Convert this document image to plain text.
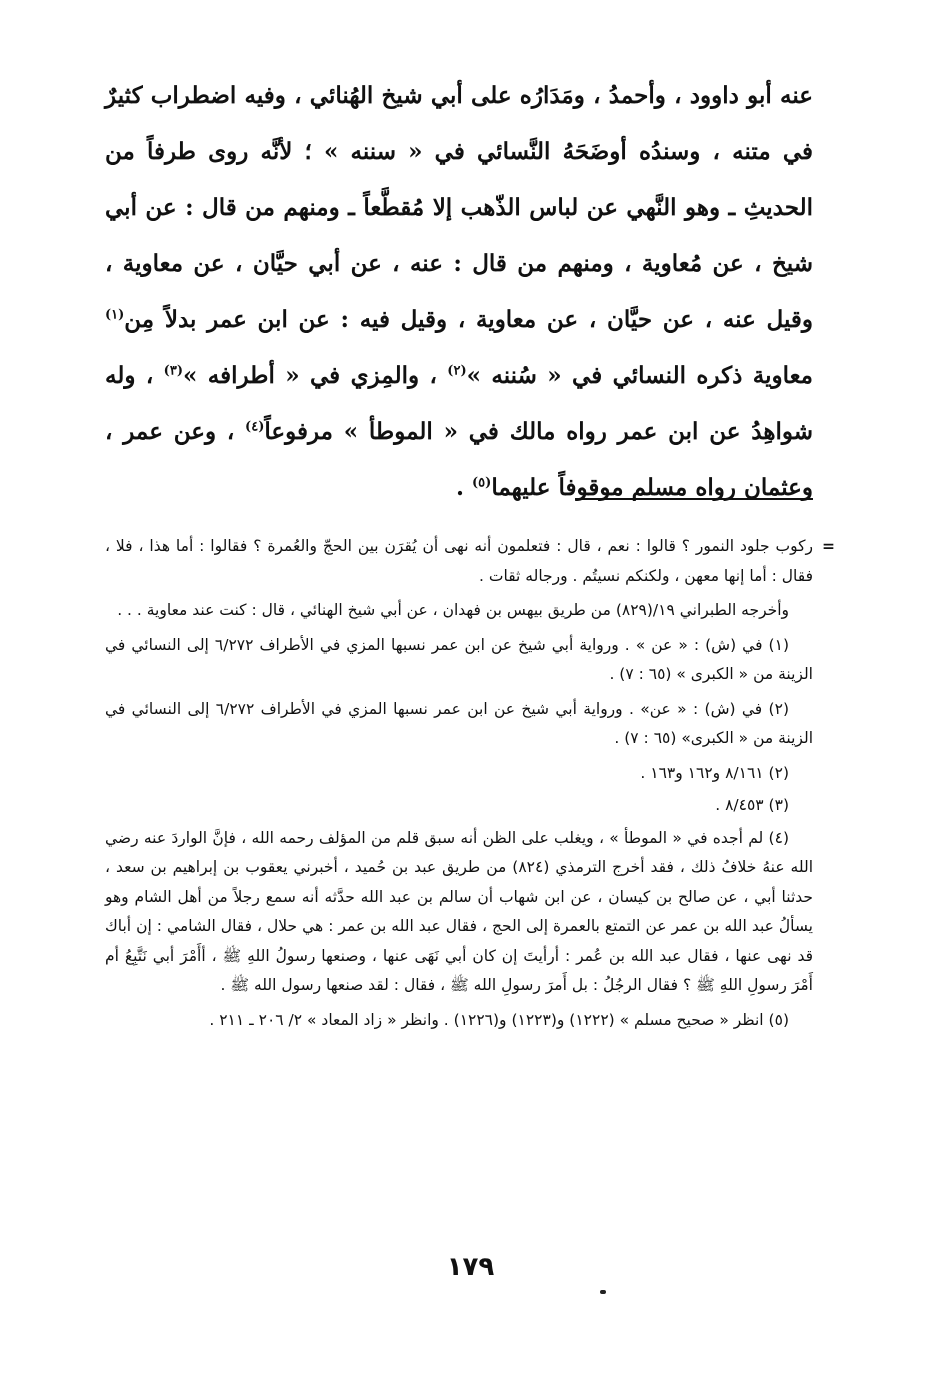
عنه أبو داوود ، وأحمدُ ، ومَدَارُه على أبي شيخ الهُنائي ، وفيه اضطراب كثيرٌ في متنه ، وسندُه أوضَحَهُ النَّسائي في « سننه » ؛ لأنَّه روى طرفاً من الحديثِ ـ وهو النَّهي عن لباس الذّهب إلا مُقطَّعاً ـ ومنهم من قال : عن أبي شيخ ، عن مُعاوية ، ومنهم من قال : عنه ، عن أبي حيَّان ، عن معاوية ، وقيل عنه ، عن حيَّان ، عن معاوية ، وقيل فيه : عن ابن عمر بدلاً مِن$^{(١)}$ معاوية ذكره النسائي في « سُننه »$^{(٢)}$ ، والمِزي في « أطرافه »$^{(٣)}$ ، وله شواهِدُ عن ابن عمر رواه مالك في « الموطأ » مرفوعاً$^{(٤)}$ ، وعن عمر ، وعثمان رواه مسلم موقوفاً عليهما$^{(٥)}$ .

=
ركوب جلود النمور ؟ قالوا : نعم ، قال : فتعلمون أنه نهى أن يُقرَن بين الحجّ والعُمرة ؟ فقالوا : أما هذا ، فلا ، فقال : أما إنها معهن ، ولكنكم نسيتُم . ورجاله ثقات .
وأخرجه الطبراني ١٩/(٨٢٩) من طريق بيهس بن فهدان ، عن أبي شيخ الهنائي ، قال : كنت عند معاوية . . .
(١) في (ش) : « عن » . ورواية أبي شيخ عن ابن عمر نسبها المزي في الأطراف ٦/٢٧٢ إلى النسائي في الزينة من « الكبرى » (٦٥ : ٧) .
(٢) في (ش) : « عن» . ورواية أبي شيخ عن ابن عمر نسبها المزي في الأطراف ٦/٢٧٢ إلى النسائي في الزينة من « الكبرى» (٦٥ : ٧) .
(٢) ٨/١٦١ و١٦٢ و١٦٣ .
(٣) ٨/٤٥٣ .
(٤) لم أجده في « الموطأ » ، ويغلب على الظن أنه سبق قلم من المؤلف رحمه الله ، فإنَّ الواردَ عنه رضي الله عنهُ خلافُ ذلك ، فقد أخرج الترمذي (٨٢٤) من طريق عبد بن حُميد ، أخبرني يعقوب بن إبراهيم بن سعد ، حدثنا أبي ، عن صالح بن كيسان ، عن ابن شهاب أن سالم بن عبد الله حدَّثه أنه سمع رجلاً من أهل الشام وهو يسألُ عبد الله بن عمر عن التمتع بالعمرة إلى الحج ، فقال عبد الله بن عمر : هي حلال ، فقال الشامي : إن أباك قد نهى عنها ، فقال عبد الله بن عُمر : أرأيتَ إن كان أبي نَهَى عنها ، وصنعها رسولُ اللهِ ﷺ ، أأَمْرَ أبي نَتَّبِعُ أم أَمْرَ رسولِ اللهِ ﷺ ؟ فقال الرجُلُ : بل أَمرَ رسولِ الله ﷺ ، فقال : لقد صنعها رسول الله ﷺ .
(٥) انظر « صحيح مسلم » (١٢٢٢) و(١٢٢٣) و(١٢٢٦) . وانظر « زاد المعاد » ٢/ ٢٠٦ ـ ٢١١ .
١٧٩
